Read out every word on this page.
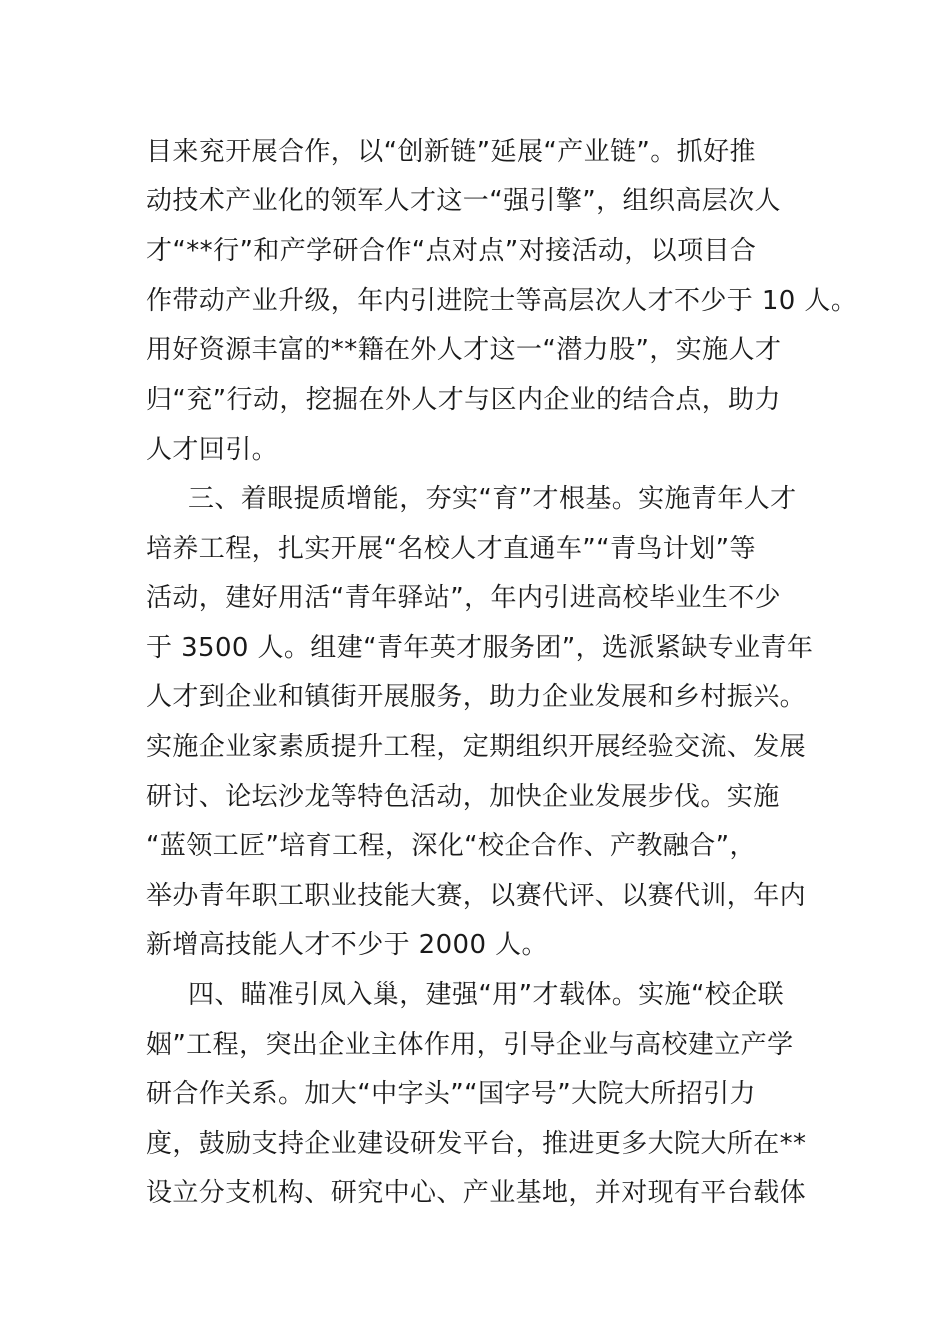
目来兖开展合作，以“创新链”延展“产业链”。抓好推
动技术产业化的领军人才这一“强引擎”，组织高层次人
才“**行”和产学研合作“点对点”对接活动，以项目合
作带动产业升级，年内引进院士等高层次人才不少于 10 人。
用好资源丰富的**籍在外人才这一“潜力股”，实施人才
归“兖”行动，挖掘在外人才与区内企业的结合点，助力
人才回引。
三、着眼提质增能，夯实“育”才根基。实施青年人才
培养工程，扎实开展“名校人才直通车”“青鸟计划”等
活动，建好用活“青年驿站”，年内引进高校毕业生不少
于 3500 人。组建“青年英才服务团”，选派紧缺专业青年
人才到企业和镇街开展服务，助力企业发展和乡村振兴。
实施企业家素质提升工程，定期组织开展经验交流、发展
研讨、论坛沙龙等特色活动，加快企业发展步伐。实施
“蓝领工匠”培育工程，深化“校企合作、产教融合”，
举办青年职工职业技能大赛，以赛代评、以赛代训，年内
新增高技能人才不少于 2000 人。
四、瞄准引凤入巢，建强“用”才载体。实施“校企联
姻”工程，突出企业主体作用，引导企业与高校建立产学
研合作关系。加大“中字头”“国字号”大院大所招引力
度，鼓励支持企业建设研发平台，推进更多大院大所在**
设立分支机构、研究中心、产业基地，并对现有平台载体
